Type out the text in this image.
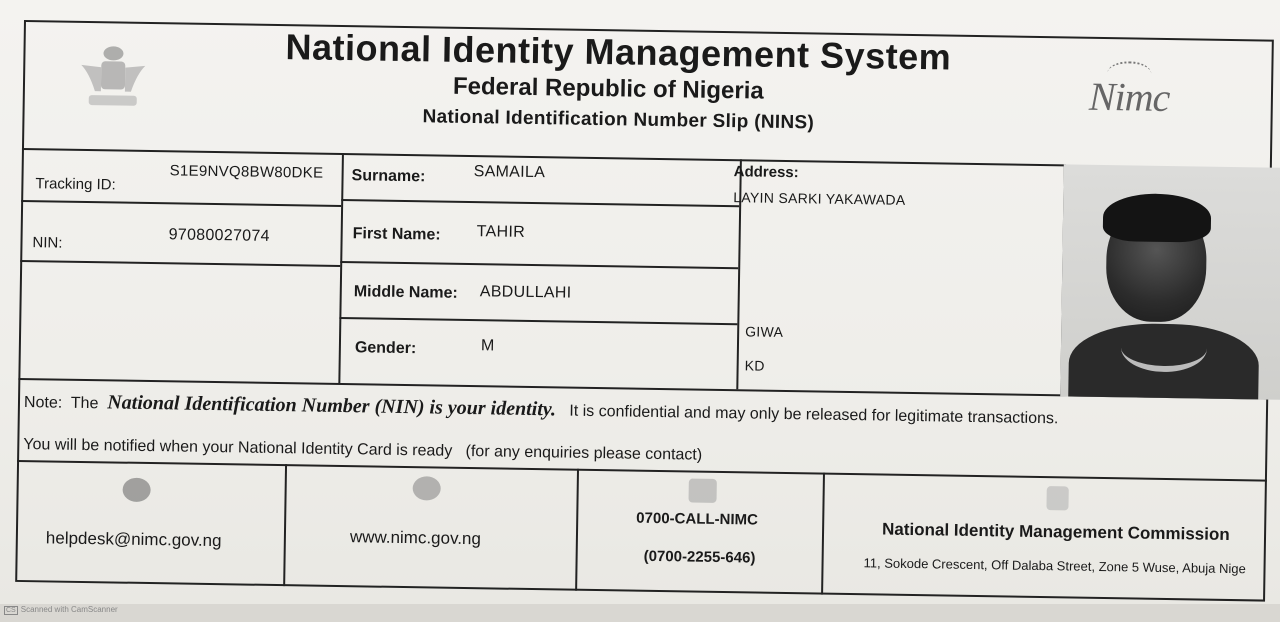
National Identity Management System
Federal Republic of Nigeria
National Identification Number Slip (NINS)	Nimc
Tracking ID:
S1E9NVQ8BW80DKE
NIN:	97080027074
Surname:	SAMAILA
First Name: TAHIR
Middle Name: ABDULLAHI
Gender:	M
Address:
LAYIN SARKI YAKAWADA
GIWA
KD
Note: The National Identification Number (NIN) is your identity. It is confidential and may only be released for legitimate transactions.
You will be notified when your National Identity Card is ready (for any enquiries please contact)
helpdesk@nimc.gov.ng	www.nimc.gov.ng
0700-CALL-NIMC
(0700-2255-646)
National Identity Management Commission
11, Sokode Crescent, Off Dalaba Street, Zone 5 Wuse, Abuja Nige
CS Scanned with CamScanner
